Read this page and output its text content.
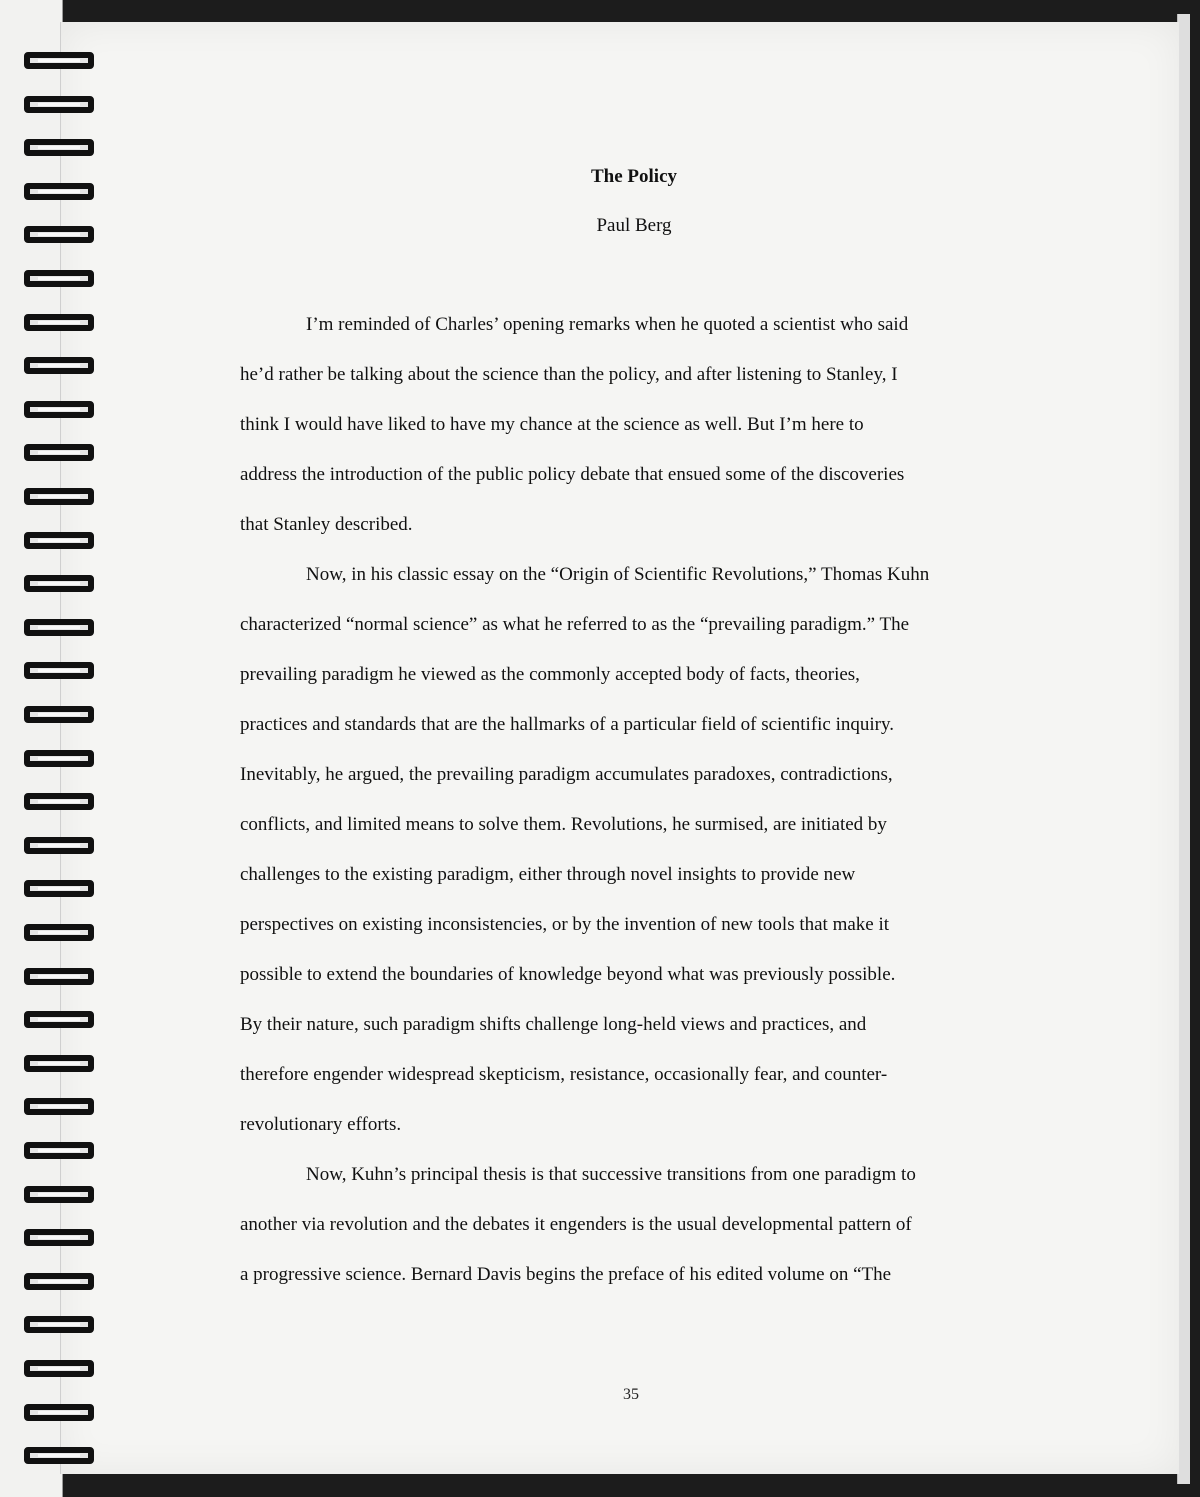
The Policy

Paul Berg

I’m reminded of Charles’ opening remarks when he quoted a scientist who said
he’d rather be talking about the science than the policy, and after listening to Stanley, I
think I would have liked to have my chance at the science as well. But I’m here to
address the introduction of the public policy debate that ensued some of the discoveries
that Stanley described.

Now, in his classic essay on the “Origin of Scientific Revolutions,” Thomas Kuhn
characterized “normal science” as what he referred to as the “prevailing paradigm.” The
prevailing paradigm he viewed as the commonly accepted body of facts, theories,
practices and standards that are the hallmarks of a particular field of scientific inquiry.
Inevitably, he argued, the prevailing paradigm accumulates paradoxes, contradictions,
conflicts, and limited means to solve them. Revolutions, he surmised, are initiated by
challenges to the existing paradigm, either through novel insights to provide new
perspectives on existing inconsistencies, or by the invention of new tools that make it
possible to extend the boundaries of knowledge beyond what was previously possible.
By their nature, such paradigm shifts challenge long-held views and practices, and
therefore engender widespread skepticism, resistance, occasionally fear, and counter-
revolutionary efforts.

Now, Kuhn’s principal thesis is that successive transitions from one paradigm to
another via revolution and the debates it engenders is the usual developmental pattern of
a progressive science. Bernard Davis begins the preface of his edited volume on “The

35
